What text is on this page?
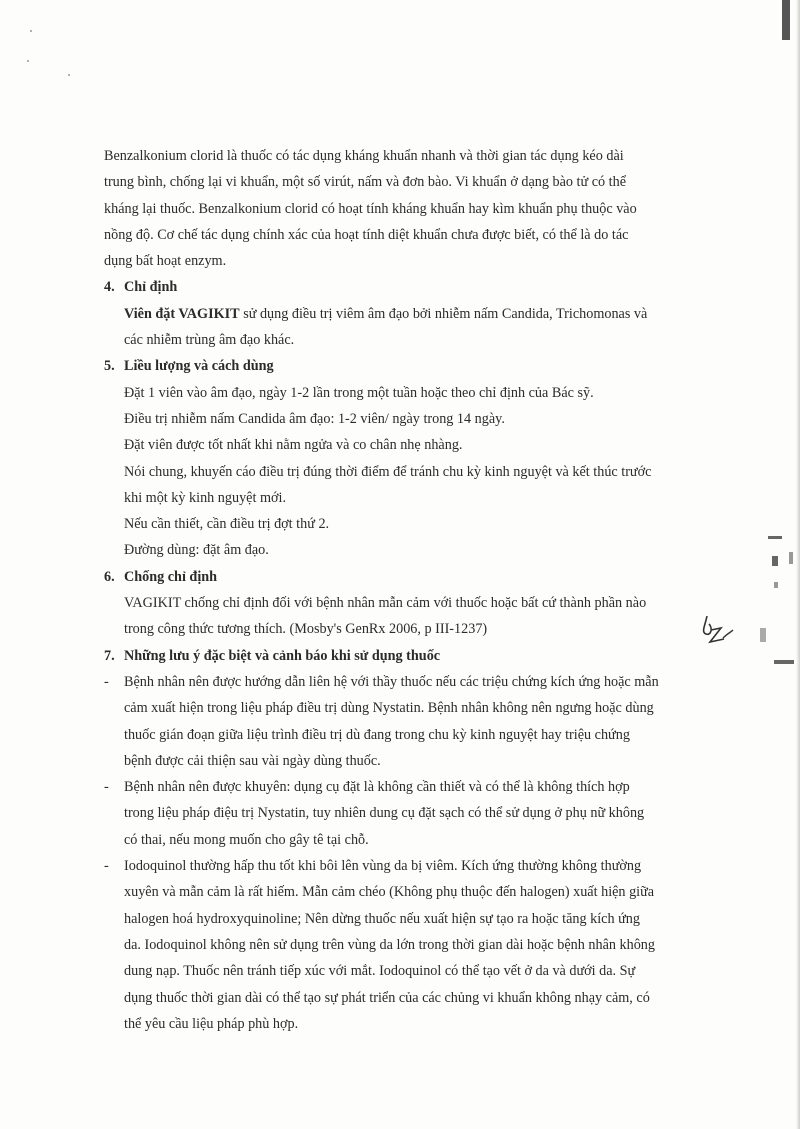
Benzalkonium clorid là thuốc có tác dụng kháng khuẩn nhanh và thời gian tác dụng kéo dài

trung bình, chống lại vi khuẩn, một số virút, nấm và đơn bào. Vi khuẩn ở dạng bào tử có thể

kháng lại thuốc. Benzalkonium clorid có hoạt tính kháng khuẩn hay kìm khuẩn phụ thuộc vào

nồng độ. Cơ chế tác dụng chính xác của hoạt tính diệt khuẩn chưa được biết, có thể là do tác

dụng bất hoạt enzym.

4. Chỉ định

Viên đặt VAGIKIT sử dụng điều trị viêm âm đạo bởi nhiễm nấm Candida, Trichomonas và

các nhiễm trùng âm đạo khác.

5. Liều lượng và cách dùng

Đặt 1 viên vào âm đạo, ngày 1-2 lần trong một tuần hoặc theo chỉ định của Bác sỹ.

Điều trị nhiễm nấm Candida âm đạo: 1-2 viên/ ngày trong 14 ngày.

Đặt viên được tốt nhất khi nằm ngửa và co chân nhẹ nhàng.

Nói chung, khuyến cáo điều trị đúng thời điểm để tránh chu kỳ kinh nguyệt và kết thúc trước

khi một kỳ kinh nguyệt mới.

Nếu cần thiết, cần điều trị đợt thứ 2.

Đường dùng: đặt âm đạo.

6. Chống chỉ định

VAGIKIT chống chỉ định đối với bệnh nhân mẫn cảm với thuốc hoặc bất cứ thành phần nào

trong công thức tương thích. (Mosby's GenRx 2006, p III-1237)

7. Những lưu ý đặc biệt và cảnh báo khi sử dụng thuốc

- Bệnh nhân nên được hướng dẫn liên hệ với thầy thuốc nếu các triệu chứng kích ứng hoặc mẫn

cảm xuất hiện trong liệu pháp điều trị dùng Nystatin. Bệnh nhân không nên ngưng hoặc dùng

thuốc gián đoạn giữa liệu trình điều trị dù đang trong chu kỳ kinh nguyệt hay triệu chứng

bệnh được cải thiện sau vài ngày dùng thuốc.

- Bệnh nhân nên được khuyên: dụng cụ đặt là không cần thiết và có thể là không thích hợp

trong liệu pháp điệu trị Nystatin, tuy nhiên dung cụ đặt sạch có thể sử dụng ở phụ nữ không

có thai, nếu mong muốn cho gây tê tại chỗ.

- Iodoquinol thường hấp thu tốt khi bôi lên vùng da bị viêm. Kích ứng thường không thường

xuyên và mẫn cảm là rất hiếm. Mẫn cảm chéo (Không phụ thuộc đến halogen) xuất hiện giữa

halogen hoá hydroxyquinoline; Nên dừng thuốc nếu xuất hiện sự tạo ra hoặc tăng kích ứng

da. Iodoquinol không nên sử dụng trên vùng da lớn trong thời gian dài hoặc bệnh nhân không

dung nạp. Thuốc nên tránh tiếp xúc với mắt. Iodoquinol có thể tạo vết ở da và dưới da. Sự

dụng thuốc thời gian dài có thể tạo sự phát triển của các chủng vi khuẩn không nhạy cảm, có

thể yêu cầu liệu pháp phù hợp.
